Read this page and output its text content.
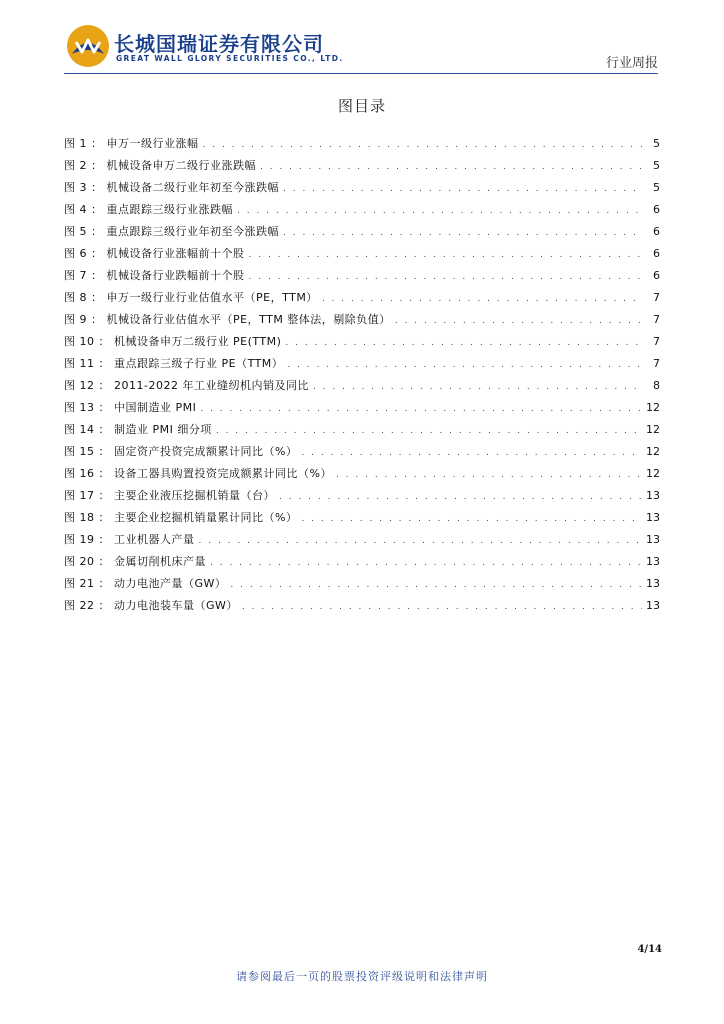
长城国瑞证券有限公司
GREAT WALL GLORY SECURITIES CO., LTD.	行业周报
图目录
图 1 ： 申万一级行业涨幅 . . .	5
图 2 ： 机械设备申万二级行业涨跌幅 . . .	5
图 3 ： 机械设备二级行业年初至今涨跌幅 . . .	5
图 4 ： 重点跟踪三级行业涨跌幅 . . .	6
图 5 ： 重点跟踪三级行业年初至今涨跌幅 . . .	6
图 6 ： 机械设备行业涨幅前十个股 . . .	6
图 7 ： 机械设备行业跌幅前十个股 . . .	6
图 8 ： 申万一级行业行业估值水平（PE，TTM） . . .	7
图 9 ： 机械设备行业估值水平（PE，TTM 整体法，剔除负值） . . .	7
图 10 ： 机械设备申万二级行业 PE(TTM) . . .	7
图 11 ： 重点跟踪三级子行业 PE（TTM） . . .	7
图 12 ： 2011-2022 年工业缝纫机内销及同比 . . .	8
图 13 ： 中国制造业 PMI . . .	12
图 14 ： 制造业 PMI 细分项 . . .	12
图 15 ： 固定资产投资完成额累计同比（%） . . .	12
图 16 ： 设备工器具购置投资完成额累计同比（%） . . .	12
图 17 ： 主要企业液压挖掘机销量（台） . . .	13
图 18 ： 主要企业挖掘机销量累计同比（%） . . .	13
图 19 ： 工业机器人产量 . . .	13
图 20 ： 金属切削机床产量 . . .	13
图 21 ： 动力电池产量（GW） . . .	13
图 22 ： 动力电池装车量（GW） . . .	13
4/14
请参阅最后一页的股票投资评级说明和法律声明
